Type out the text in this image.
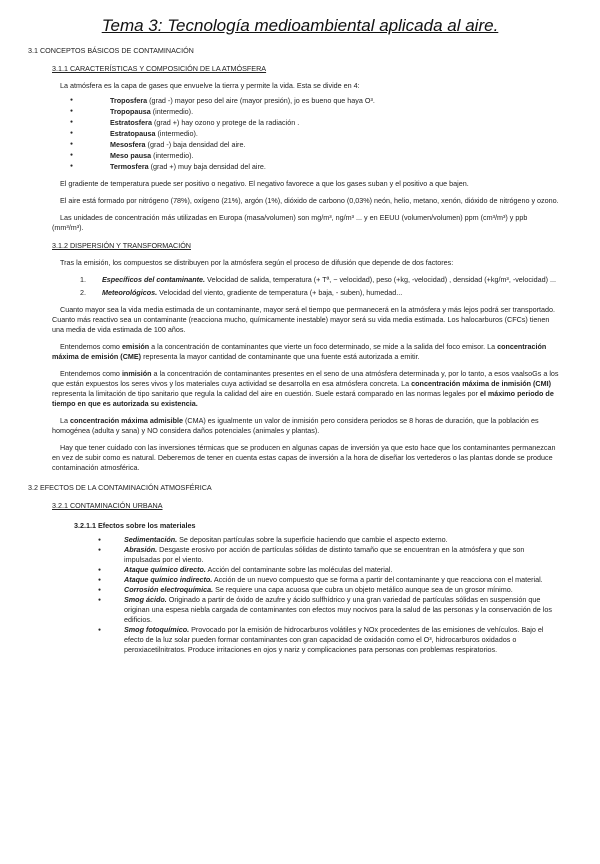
Tema 3: Tecnología medioambiental aplicada al aire.
3.1 CONCEPTOS BÁSICOS DE CONTAMINACIÓN
3.1.1 CARACTERÍSTICAS Y COMPOSICIÓN DE LA ATMÓSFERA

La atmósfera es la capa de gases que envuelve la tierra y permite la vida. Esta se divide en 4:

● Troposfera (grad -) mayor peso del aire (mayor presión), jo es bueno que haya O³.
● Tropopausa (intermedio).
● Estratosfera (grad +) hay ozono y protege de la radiación .
● Estratopausa (intermedio).
● Mesosfera (grad -) baja densidad del aire.
● Meso pausa (intermedio).
● Termosfera (grad +) muy baja densidad del aire.

El gradiente de temperatura puede ser positivo o negativo. El negativo favorece a que los gases suban y el positivo a que bajen.

El aire está formado por nitrógeno (78%), oxígeno (21%), argón (1%), dióxido de carbono (0,03%) neón, helio, metano, xenón, dióxido de nitrógeno y ozono.

Las unidades de concentración más utilizadas en Europa (masa/volumen) son mg/m³, ng/m³ ... y en EEUU (volumen/volumen) ppm (cm³/m³) y ppb (mm³/m³).

3.1.2 DISPERSIÓN Y TRANSFORMACIÓN

Tras la emisión, los compuestos se distribuyen por la atmósfera según el proceso de difusión que depende de dos factores:

1. Específicos del contaminante. Velocidad de salida, temperatura (+ Tª, − velocidad), peso (+kg, -velocidad) , densidad (+kg/m³, -velocidad) ...
2. Meteorológicos. Velocidad del viento, gradiente de temperatura (+ baja, - suben), humedad...

Cuanto mayor sea la vida media estimada de un contaminante, mayor será el tiempo que permanecerá en la atmósfera y más lejos podrá ser transportado. Cuanto más reactivo sea un contaminante (reacciona mucho, químicamente inestable) mayor será su vida media estimada. Los halocarburos (CFCs) tienen una media de vida estimada de 100 años.

Entendemos como emisión a la concentración de contaminantes que vierte un foco determinado, se mide a la salida del foco emisor. La concentración máxima de emisión (CME) representa la mayor cantidad de contaminante que una fuente está autorizada a emitir.

Entendemos como inmisión a la concentración de contaminantes presentes en el seno de una atmósfera determinada y, por lo tanto, a esos vaalsoGs a los que están expuestos los seres vivos y los materiales cuya actividad se desarrolla en esa atmósfera concreta. La concentración máxima de inmisión (CMI) representa la limitación de tipo sanitario que regula la calidad del aire en cuestión. Suele estará comparado en las normas legales por el máximo periodo de tiempo en que es autorizada su existencia.

La concentración máxima admisible (CMA) es igualmente un valor de inmisión pero considera periodos se 8 horas de duración, que la población es homogénea (adulta y sana) y NO considera daños potenciales (animales y plantas).

Hay que tener cuidado con las inversiones térmicas que se producen en algunas capas de inversión ya que esto hace que los contaminantes permanezcan en vez de subir como es natural. Deberemos de tener en cuenta estas capas de inversión a la hora de diseñar los vertederos o las plantas donde se produce contaminación atmosférica.

3.2 EFECTOS DE LA CONTAMINACIÓN ATMOSFÉRICA
3.2.1 CONTAMINACIÓN URBANA
3.2.1.1 Efectos sobre los materiales
● Sedimentación. Se depositan partículas sobre la superficie haciendo que cambie el aspecto externo.
● Abrasión. Desgaste erosivo por acción de partículas sólidas de distinto tamaño que se encuentran en la atmósfera y que son impulsadas por el viento.
● Ataque químico directo. Acción del contaminante sobre las moléculas del material.
● Ataque químico indirecto. Acción de un nuevo compuesto que se forma a partir del contaminante y que reacciona con el material.
● Corrosión electroquímica. Se requiere una capa acuosa que cubra un objeto metálico aunque sea de un grosor mínimo.
● Smog ácido. Originado a partir de óxido de azufre y ácido sulfhídrico y una gran variedad de partículas sólidas en suspensión que originan una espesa niebla cargada de contaminantes con efectos muy nocivos para la salud de las personas y la conservación de los edificios.
● Smog fotoquímico. Provocado por la emisión de hidrocarburos volátiles y NOx procedentes de las emisiones de vehículos. Bajo el efecto de la luz solar pueden formar contaminantes con gran capacidad de oxidación como el O³, hidrocarburos oxidados o peroxiacetilnitratos. Produce irritaciones en ojos y nariz y complicaciones para personas con problemas respiratorios.
